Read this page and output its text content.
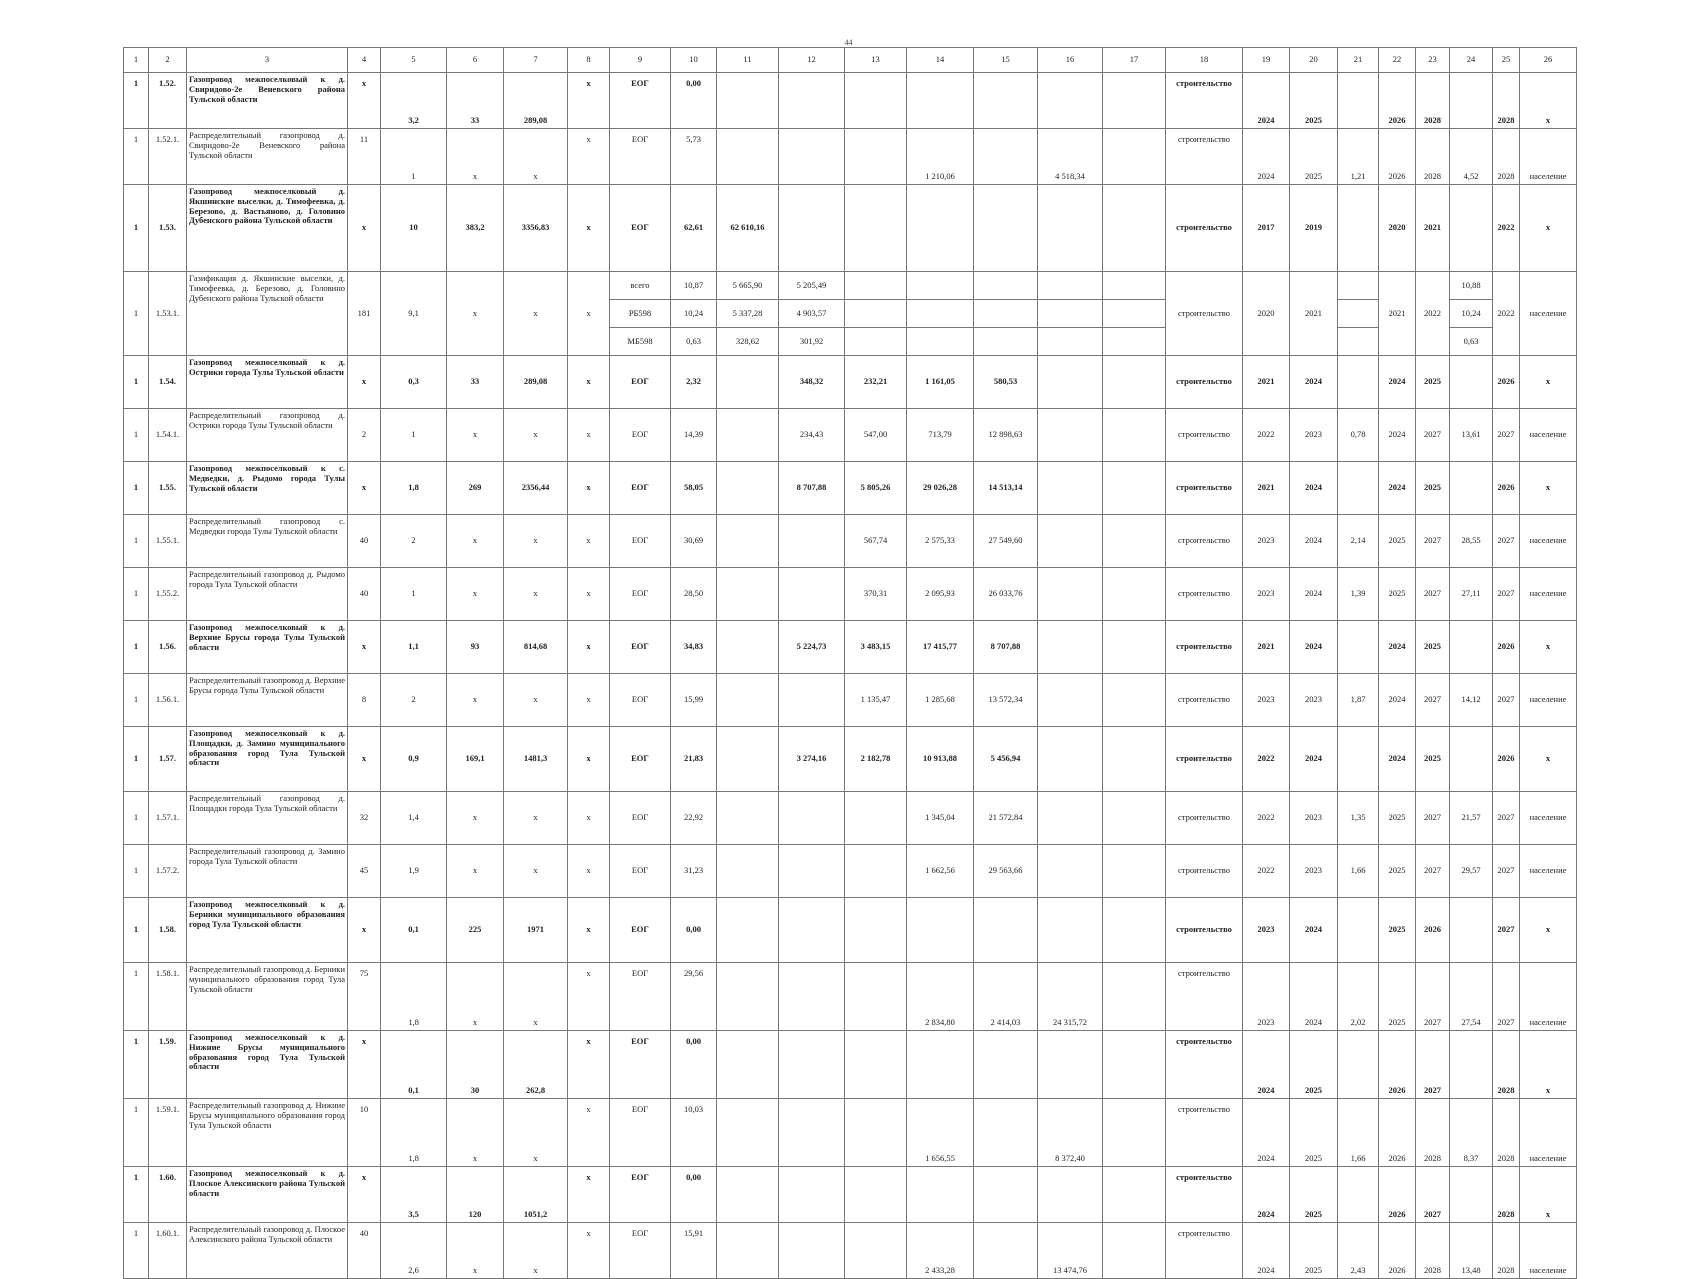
44
1	2	3	4	5	6	7	8	9	10	11	12	13	14	15	16	17	18	19	20	21	22	23	24	25	26
1	1.52.	Газопровод межпоселковый к д. Свиридово-2е Веневского района Тульской области	х	3,2	33	289,08	х	ЕОГ	0,00								строительство	2024	2025		2026	2028		2028	х
1	1.52.1.	Распределительный газопровод д. Свиридово-2е Веневского района Тульской области	11	1	х	х	х	ЕОГ	5,73				1 210,06		4 518,34		строительство	2024	2025	1,21	2026	2028	4,52	2028	население
1	1.53.	Газопровод межпоселковый д. Якшинские выселки, д. Тимофеевка, д. Березово, д. Вастьяново, д. Головино Дубенского района Тульской области	х	10	383,2	3356,83	х	ЕОГ	62,61	62 610,16							строительство	2017	2019		2020	2021		2022	х
1	1.53.1.	Газификация д. Якшинские выселки, д. Тимофеевка, д. Березово, д. Головино Дубенского района Тульской области	181	9,1	х	х	х	всего	10,87	5 665,90	5 205,49						строительство	2020	2021		2021	2022	10,88	2022	население
								РБ598	10,24	5 337,28	4 903,57												10,24		
								МБ598	0,63	328,62	301,92												0,63		
1	1.54.	Газопровод межпоселковый к д. Острики города Тулы Тульской области	х	0,3	33	289,08	х	ЕОГ	2,32		348,32	232,21	1 161,05	580,53			строительство	2021	2024		2024	2025		2026	х
1	1.54.1.	Распределительный газопровод д. Острики города Тулы Тульской области	2	1	х	х	х	ЕОГ	14,39		234,43	547,00	713,79	12 898,63			строительство	2022	2023	0,78	2024	2027	13,61	2027	население
1	1.55.	Газопровод межпоселковый к с. Медведки, д. Рыдомо города Тулы Тульской области	х	1,8	269	2356,44	х	ЕОГ	58,05		8 707,88	5 805,26	29 026,28	14 513,14			строительство	2021	2024		2024	2025		2026	х
1	1.55.1.	Распределительный газопровод с. Медведки города Тулы Тульской области	40	2	х	х	х	ЕОГ	30,69			567,74	2 575,33	27 549,60			строительство	2023	2024	2,14	2025	2027	28,55	2027	население
1	1.55.2.	Распределительный газопровод д. Рыдомо города Тула Тульской области	40	1	х	х	х	ЕОГ	28,50			370,31	2 095,93	26 033,76			строительство	2023	2024	1,39	2025	2027	27,11	2027	население
1	1.56.	Газопровод межпоселковый к д. Верхние Брусы города Тулы Тульской области	х	1,1	93	814,68	х	ЕОГ	34,83		5 224,73	3 483,15	17 415,77	8 707,88			строительство	2021	2024		2024	2025		2026	х
1	1.56.1.	Распределительный газопровод д. Верхние Брусы города Тулы Тульской области	8	2	х	х	х	ЕОГ	15,99			1 135,47	1 285,68	13 572,34			строительство	2023	2023	1,87	2024	2027	14,12	2027	население
1	1.57.	Газопровод межпоселковый к д. Площадки, д. Замино муниципального образования город Тула Тульской области	х	0,9	169,1	1481,3	х	ЕОГ	21,83		3 274,16	2 182,78	10 913,88	5 456,94			строительство	2022	2024		2024	2025		2026	х
1	1.57.1.	Распределительный газопровод д. Площадки города Тула Тульской области	32	1,4	х	х	х	ЕОГ	22,92				1 345,04	21 572,84			строительство	2022	2023	1,35	2025	2027	21,57	2027	население
1	1.57.2.	Распределительный газопровод д. Замино города Тула Тульской области	45	1,9	х	х	х	ЕОГ	31,23				1 662,56	29 563,66			строительство	2022	2023	1,66	2025	2027	29,57	2027	население
1	1.58.	Газопровод межпоселковый к д. Берники муниципального образования город Тула Тульской области	х	0,1	225	1971	х	ЕОГ	0,00								строительство	2023	2024		2025	2026		2027	х
1	1.58.1.	Распределительный газопровод д. Берники муниципального образования город Тула Тульской области	75	1,8	х	х	х	ЕОГ	29,56				2 834,80	2 414,03	24 315,72		строительство	2023	2024	2,02	2025	2027	27,54	2027	население
1	1.59.	Газопровод межпоселковый к д. Нижние Брусы муниципального образования город Тула Тульской области	х	0,1	30	262,8	х	ЕОГ	0,00								строительство	2024	2025		2026	2027		2028	х
1	1.59.1.	Распределительный газопровод д. Нижние Брусы муниципального образования город Тула Тульской области	10	1,8	х	х	х	ЕОГ	10,03				1 656,55		8 372,40		строительство	2024	2025	1,66	2026	2028	8,37	2028	население
1	1.60.	Газопровод межпоселковый к д. Плоское Алексинского района Тульской области	х	3,5	120	1051,2	х	ЕОГ	0,00								строительство	2024	2025		2026	2027		2028	х
1	1.60.1.	Распределительный газопровод д. Плоское Алексинского района Тульской области	40	2,6	х	х	х	ЕОГ	15,91				2 433,28		13 474,76		строительство	2024	2025	2,43	2026	2028	13,48	2028	население
